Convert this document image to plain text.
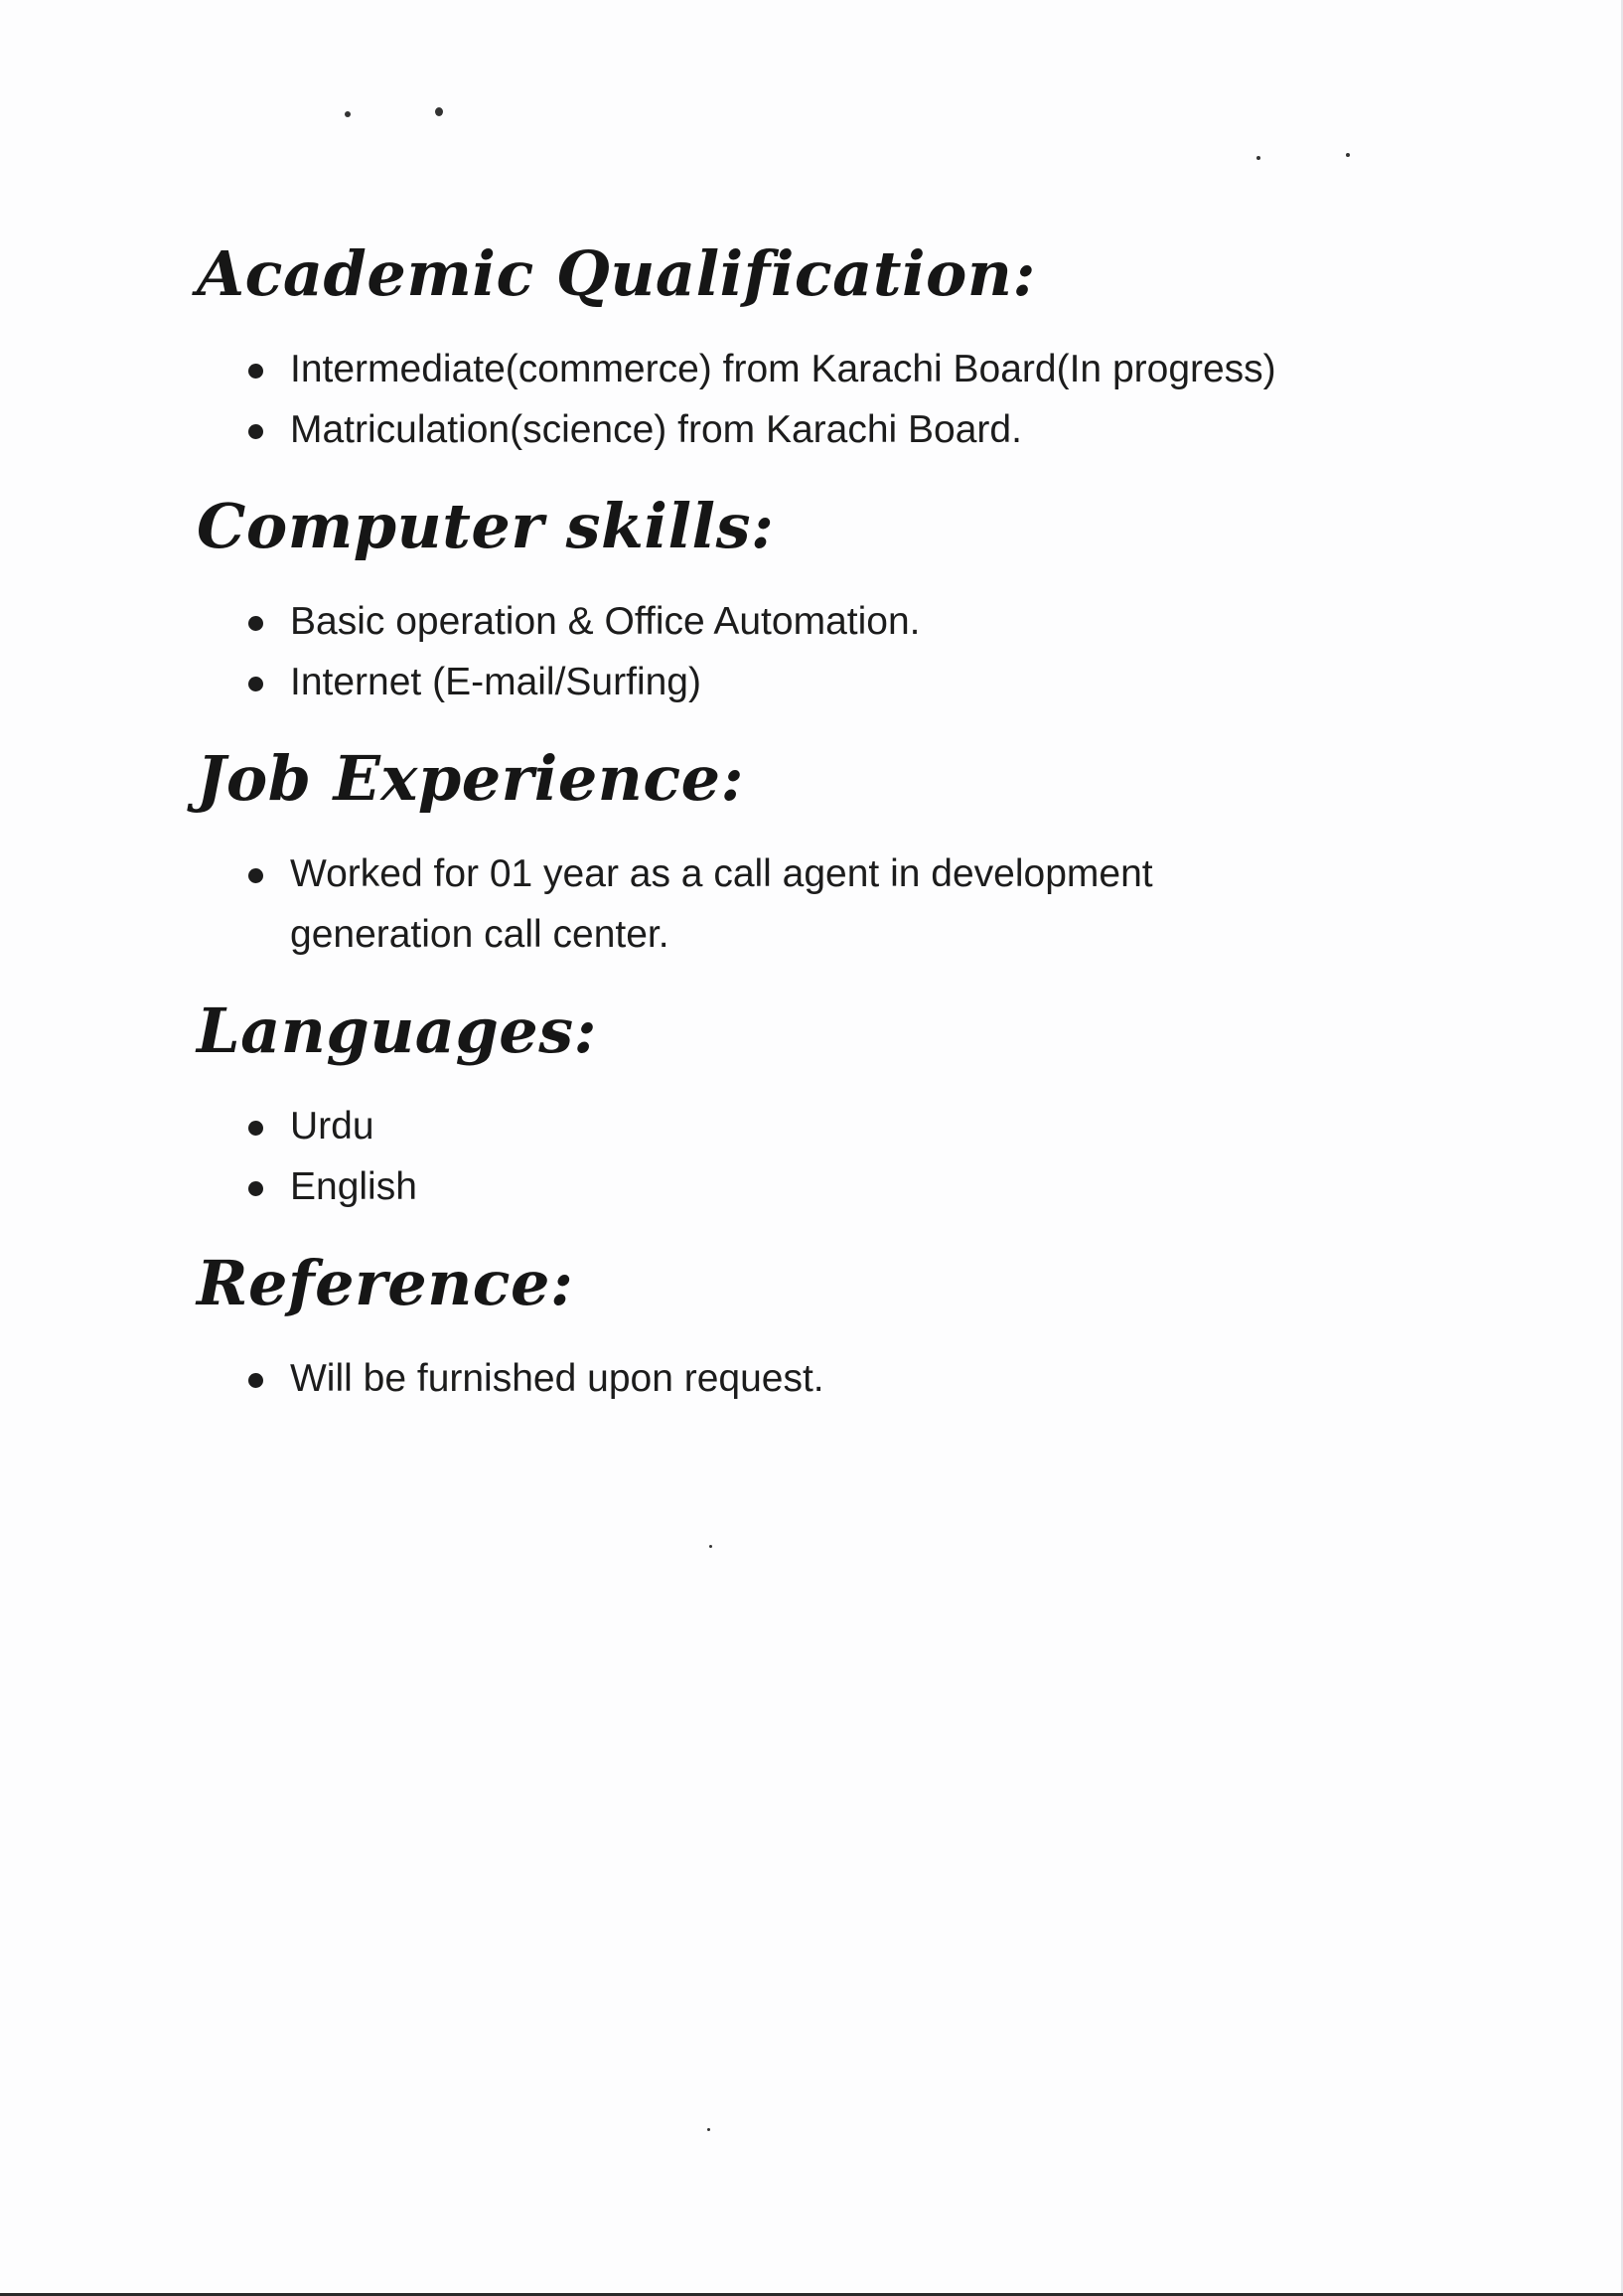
Academic Qualification:
Intermediate(commerce) from Karachi Board(In progress)
Matriculation(science) from Karachi Board.
Computer skills:
Basic operation & Office Automation.
Internet (E-mail/Surfing)
Job Experience:
Worked for 01 year as a call agent in development generation call center.
Languages:
Urdu
English
Reference:
Will be furnished upon request.
